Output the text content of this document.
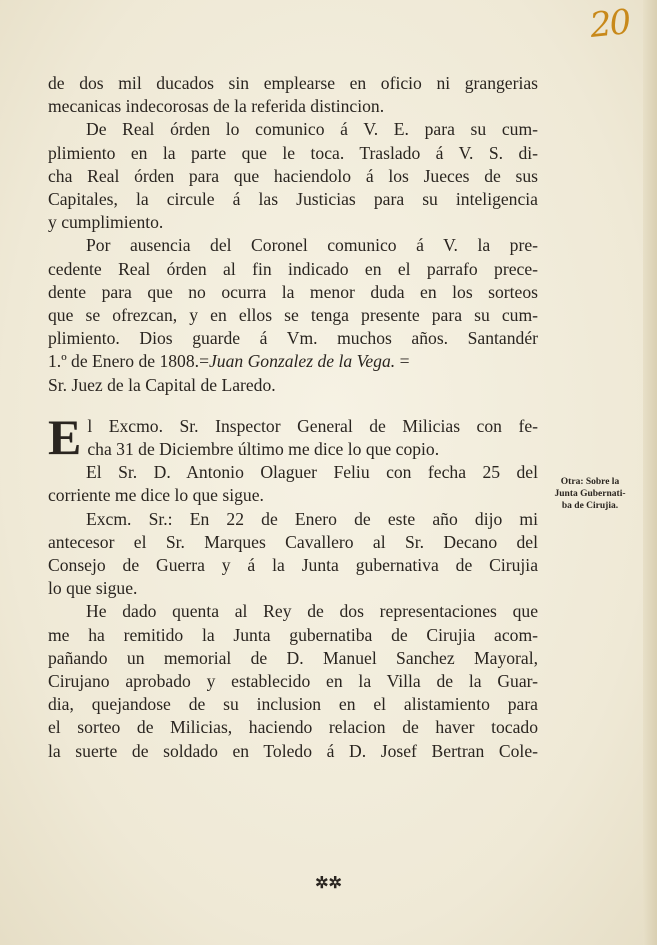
20
de dos mil ducados sin emplearse en oficio ni grangerias
mecanicas indecorosas de la referida distincion.
De Real órden lo comunico á V. E. para su cum-
plimiento en la parte que le toca. Traslado á V. S. di-
cha Real órden para que haciendolo á los Jueces de sus
Capitales, la circule á las Justicias para su inteligencia
y cumplimiento.
Por ausencia del Coronel comunico á V. la pre-
cedente Real órden al fin indicado en el parrafo prece-
dente para que no ocurra la menor duda en los sorteos
que se ofrezcan, y en ellos se tenga presente para su cum-
plimiento. Dios guarde á Vm. muchos años. Santandér
1.º de Enero de 1808.=Juan Gonzalez de la Vega. =
Sr. Juez de la Capital de Laredo.
E l Excmo. Sr. Inspector General de Milicias con fe-
cha 31 de Diciembre último me dice lo que copio.
El Sr. D. Antonio Olaguer Feliu con fecha 25 del
corriente me dice lo que sigue.
Excm. Sr.: En 22 de Enero de este año dijo mi
antecesor el Sr. Marques Cavallero al Sr. Decano del
Consejo de Guerra y á la Junta gubernativa de Cirujia
lo que sigue.
He dado quenta al Rey de dos representaciones que
me ha remitido la Junta gubernatiba de Cirujia acom-
pañando un memorial de D. Manuel Sanchez Mayoral,
Cirujano aprobado y establecido en la Villa de la Guar-
dia, quejandose de su inclusion en el alistamiento para
el sorteo de Milicias, haciendo relacion de haver tocado
la suerte de soldado en Toledo á D. Josef Bertran Cole-
Otra: Sobre la
Junta Gubernati-
ba de Cirujia.
✲✲
